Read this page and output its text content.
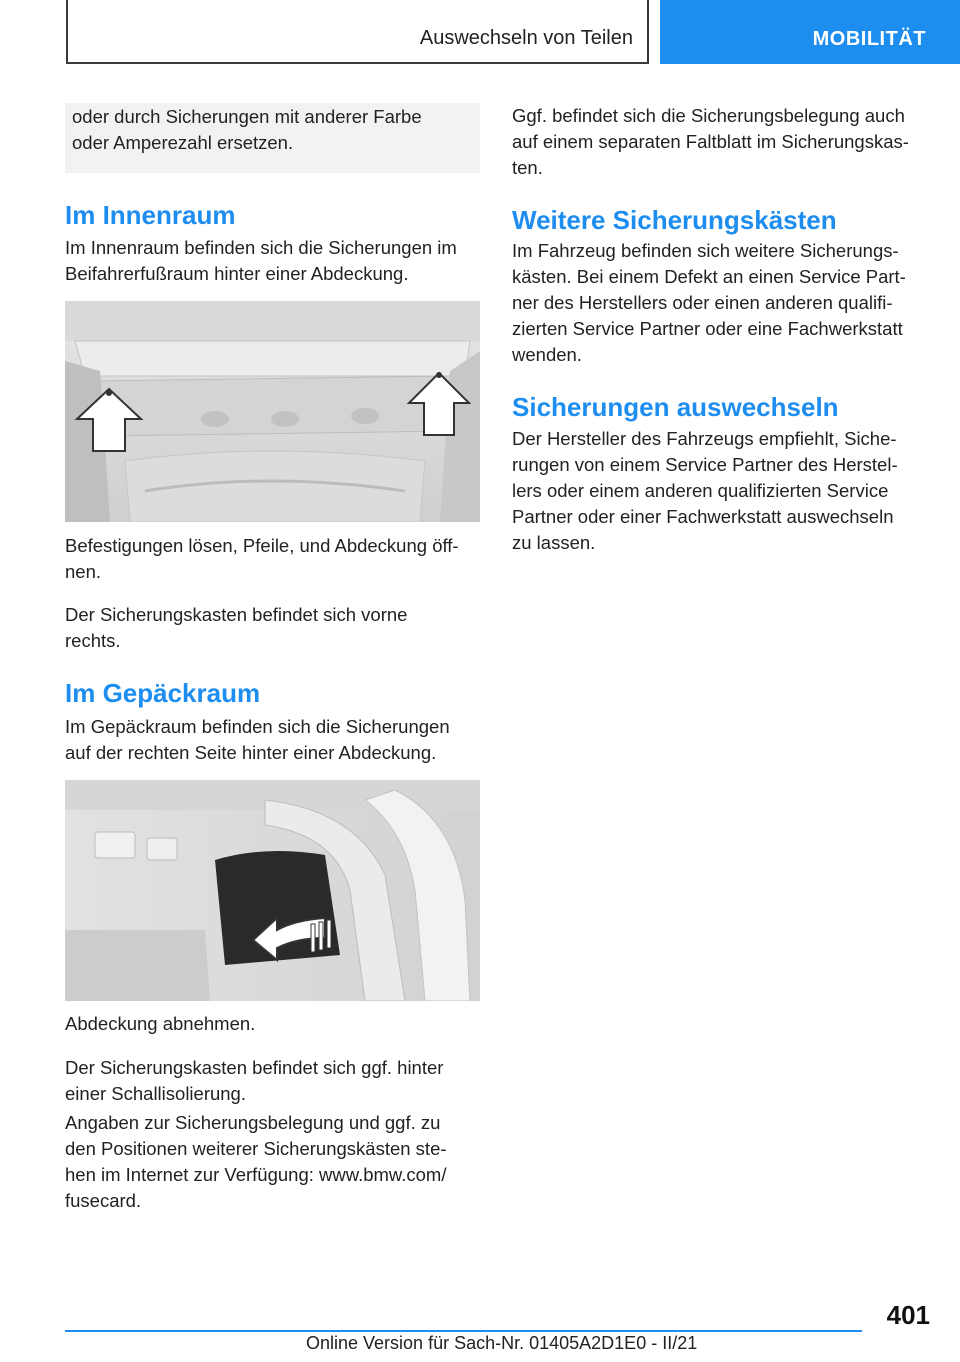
Auswechseln von Teilen	MOBILITÄT

oder durch Sicherungen mit anderer Farbe

oder Amperezahl ersetzen.

Im Innenraum

Im Innenraum befinden sich die Sicherungen im

Beifahrerfußraum hinter einer Abdeckung.

Befestigungen lösen, Pfeile, und Abdeckung öff‐

nen.

Der Sicherungskasten befindet sich vorne

rechts.

Im Gepäckraum

Im Gepäckraum befinden sich die Sicherungen

auf der rechten Seite hinter einer Abdeckung.

Abdeckung abnehmen.

Der Sicherungskasten befindet sich ggf. hinter

einer Schallisolierung.

Angaben zur Sicherungsbelegung und ggf. zu

den Positionen weiterer Sicherungskästen ste‐

hen im Internet zur Verfügung: www.bmw.com/

fusecard.

Ggf. befindet sich die Sicherungsbelegung auch

auf einem separaten Faltblatt im Sicherungskas‐

ten.

Weitere Sicherungskästen

Im Fahrzeug befinden sich weitere Sicherungs‐

kästen. Bei einem Defekt an einen Service Part‐

ner des Herstellers oder einen anderen qualifi‐

zierten Service Partner oder eine Fachwerkstatt

wenden.

Sicherungen auswechseln

Der Hersteller des Fahrzeugs empfiehlt, Siche‐

rungen von einem Service Partner des Herstel‐

lers oder einem anderen qualifizierten Service

Partner oder einer Fachwerkstatt auswechseln

zu lassen.

401
Online Version für Sach-Nr. 01405A2D1E0 - II/21
